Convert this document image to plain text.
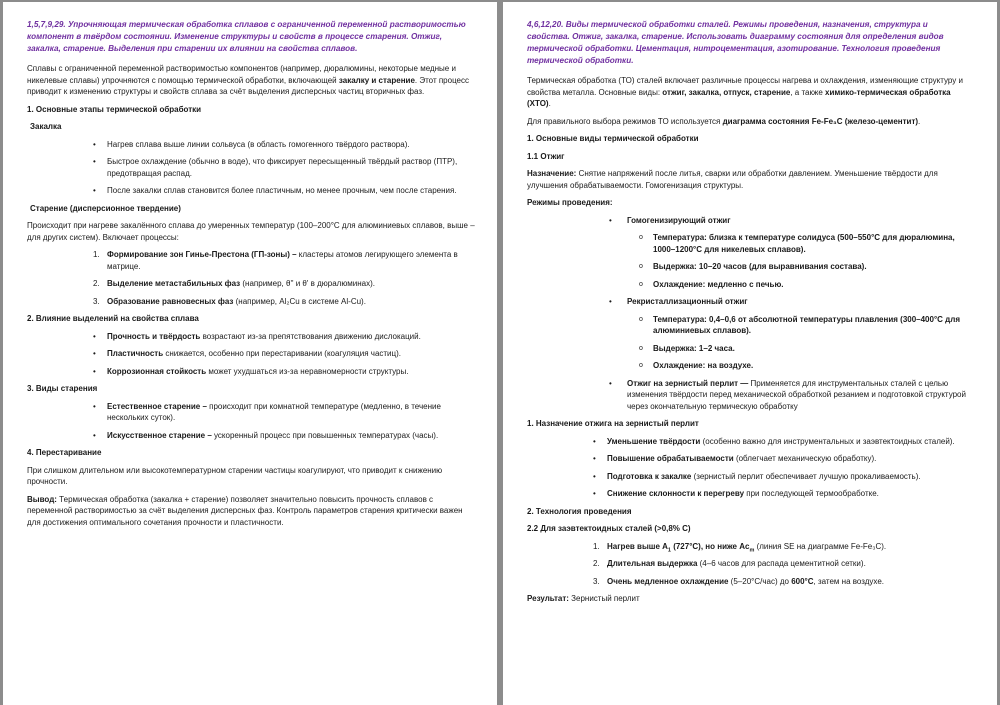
1,5,7,9,29. Упрочняющая термическая обработка сплавов с ограниченной переменной растворимостью компонент в твёрдом состоянии. Изменение структуры и свойств в процессе старения. Отжиг, закалка, старение. Выделения при старении их влиянии на свойства сплавов.

Сплавы с ограниченной переменной растворимостью компонентов (например, дюралюмины, некоторые медные и никелевые сплавы) упрочняются с помощью термической обработки, включающей закалку и старение. Этот процесс приводит к изменению структуры и свойств сплава за счёт выделения дисперсных частиц вторичных фаз.

1. Основные этапы термической обработки
Закалка
• Нагрев сплава выше линии сольвуса (в область гомогенного твёрдого раствора).
• Быстрое охлаждение (обычно в воде), что фиксирует пересыщенный твёрдый раствор (ПТР), предотвращая распад.
• После закалки сплав становится более пластичным, но менее прочным, чем после старения.
Старение (дисперсионное твердение)

Происходит при нагреве закалённого сплава до умеренных температур (100–200°C для алюминиевых сплавов, выше – для других систем). Включает процессы:

1. Формирование зон Гинье-Престона (ГП-зоны) – кластеры атомов легирующего элемента в матрице.
2. Выделение метастабильных фаз (например, θ'' и θ' в дюралюминах).
3. Образование равновесных фаз (например, Al₂Cu в системе Al-Cu).
2. Влияние выделений на свойства сплава
• Прочность и твёрдость возрастают из-за препятствования движению дислокаций.
• Пластичность снижается, особенно при перестаривании (коагуляция частиц).
• Коррозионная стойкость может ухудшаться из-за неравномерности структуры.
3. Виды старения
• Естественное старение – происходит при комнатной температуре (медленно, в течение нескольких суток).
• Искусственное старение – ускоренный процесс при повышенных температурах (часы).
4. Перестаривание

При слишком длительном или высокотемпературном старении частицы коагулируют, что приводит к снижению прочности.

Вывод: Термическая обработка (закалка + старение) позволяет значительно повысить прочность сплавов с переменной растворимостью за счёт выделения дисперсных фаз. Контроль параметров старения критически важен для достижения оптимального сочетания прочности и пластичности.

4,6,12,20. Виды термической обработки сталей. Режимы проведения, назначения, структура и свойства. Отжиг, закалка, старение. Использовать диаграмму состояния для определения видов термической обработки. Цементация, нитроцементация, азотирование. Технология проведения термической обработки.

Термическая обработка (ТО) сталей включает различные процессы нагрева и охлаждения, изменяющие структуру и свойства металла. Основные виды: отжиг, закалка, отпуск, старение, а также химико-термическая обработка (ХТО).

Для правильного выбора режимов ТО используется диаграмма состояния Fe-Fe₃C (железо-цементит).

1. Основные виды термической обработки
1.1 Отжиг

Назначение: Снятие напряжений после литья, сварки или обработки давлением. Уменьшение твёрдости для улучшения обрабатываемости. Гомогенизация структуры.

Режимы проведения:
• Гомогенизирующий отжиг
o Температура: близка к температуре солидуса (500–550°C для дюралюмина, 1000–1200°C для никелевых сплавов).
o Выдержка: 10–20 часов (для выравнивания состава).
o Охлаждение: медленно с печью.
• Рекристаллизационный отжиг
o Температура: 0,4–0,6 от абсолютной температуры плавления (300–400°C для алюминиевых сплавов).
o Выдержка: 1–2 часа.
o Охлаждение: на воздухе.
• Отжиг на зернистый перлит — Применяется для инструментальных сталей с целью изменения твёрдости перед механической обработкой резанием и подготовкой структурой через окончательную термическую обработку
1. Назначение отжига на зернистый перлит
• Уменьшение твёрдости (особенно важно для инструментальных и заэвтектоидных сталей).
• Повышение обрабатываемости (облегчает механическую обработку).
• Подготовка к закалке (зернистый перлит обеспечивает лучшую прокаливаемость).
• Снижение склонности к перегреву при последующей термообработке.
2. Технология проведения
2.2 Для заэвтектоидных сталей (>0,8% C)
1. Нагрев выше $A_1$ (727°C), но ниже $Ac_m$ (линия SE на диаграмме Fe-Fe₃C).
2. Длительная выдержка (4–6 часов для распада цементитной сетки).
3. Очень медленное охлаждение (5–20°C/час) до 600°C, затем на воздухе.

Результат: Зернистый перлит
